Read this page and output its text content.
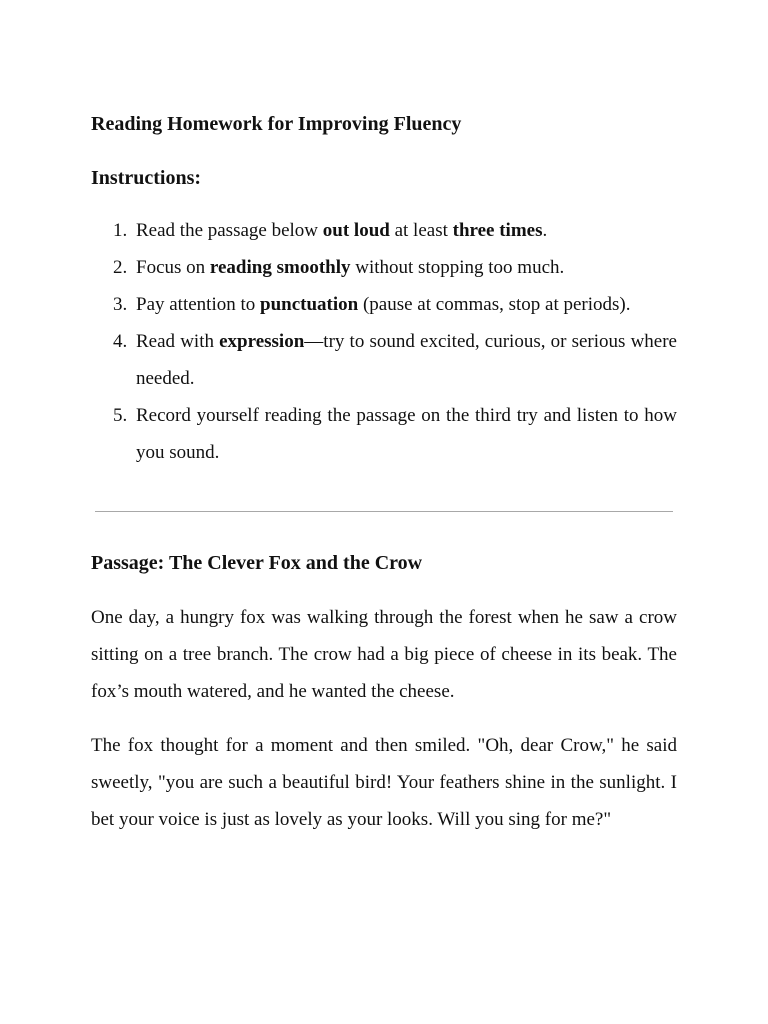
Reading Homework for Improving Fluency
Instructions:
1. Read the passage below out loud at least three times.
2. Focus on reading smoothly without stopping too much.
3. Pay attention to punctuation (pause at commas, stop at periods).
4. Read with expression—try to sound excited, curious, or serious where needed.
5. Record yourself reading the passage on the third try and listen to how you sound.
Passage: The Clever Fox and the Crow

One day, a hungry fox was walking through the forest when he saw a crow sitting on a tree branch. The crow had a big piece of cheese in its beak. The fox’s mouth watered, and he wanted the cheese.

The fox thought for a moment and then smiled. "Oh, dear Crow," he said sweetly, "you are such a beautiful bird! Your feathers shine in the sunlight. I bet your voice is just as lovely as your looks. Will you sing for me?"
